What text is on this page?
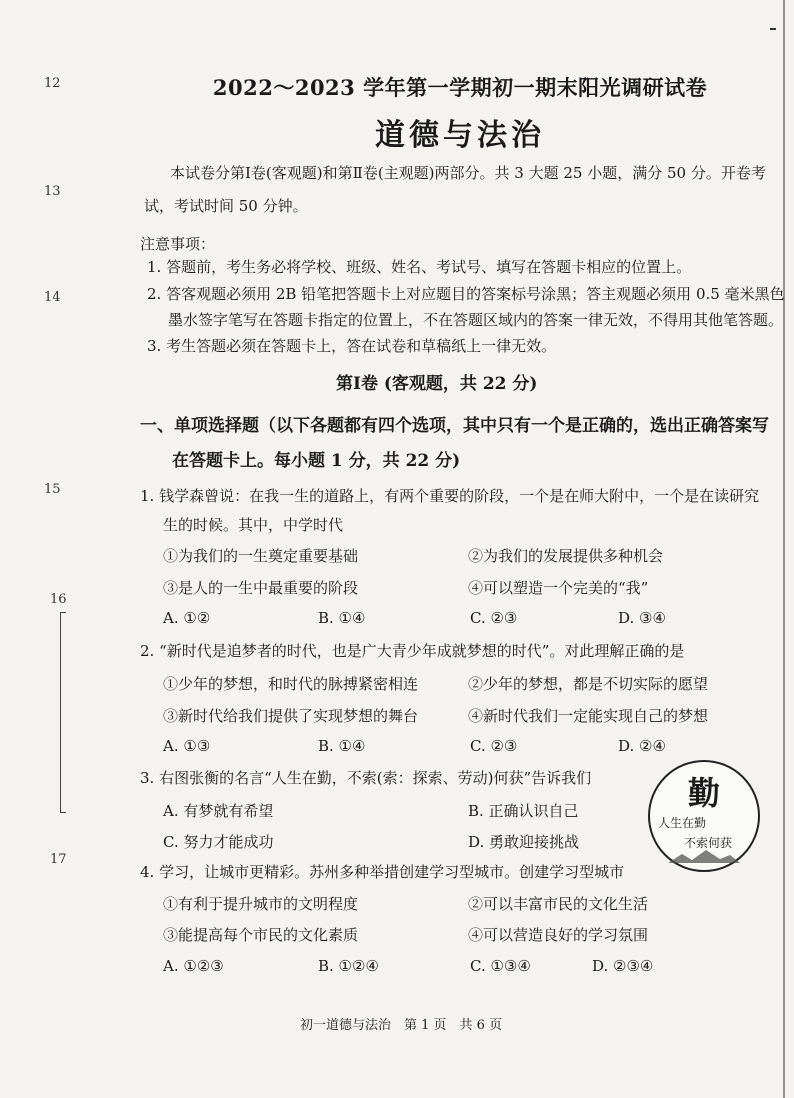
12
13
14
15
16
17
2022～2023 学年第一学期初一期末阳光调研试卷
道德与法治
本试卷分第Ⅰ卷(客观题)和第Ⅱ卷(主观题)两部分。共 3 大题 25 小题，满分 50 分。开卷考
试，考试时间 50 分钟。
注意事项：
1. 答题前，考生务必将学校、班级、姓名、考试号、填写在答题卡相应的位置上。
2. 答客观题必须用 2B 铅笔把答题卡上对应题目的答案标号涂黑；答主观题必须用 0.5 毫米黑色
墨水签字笔写在答题卡指定的位置上，不在答题区域内的答案一律无效，不得用其他笔答题。
3. 考生答题必须在答题卡上，答在试卷和草稿纸上一律无效。
第Ⅰ卷 (客观题，共 22 分)
一、单项选择题（以下各题都有四个选项，其中只有一个是正确的，选出正确答案写
在答题卡上。每小题 1 分，共 22 分)
1. 钱学森曾说：在我一生的道路上，有两个重要的阶段，一个是在师大附中，一个是在读研究
生的时候。其中，中学时代
①为我们的一生奠定重要基础	②为我们的发展提供多种机会
③是人的一生中最重要的阶段	④可以塑造一个完美的“我”
A. ①②	B. ①④	C. ②③	D. ③④
2. “新时代是追梦者的时代，也是广大青少年成就梦想的时代”。对此理解正确的是
①少年的梦想，和时代的脉搏紧密相连	②少年的梦想，都是不切实际的愿望
③新时代给我们提供了实现梦想的舞台	④新时代我们一定能实现自己的梦想
A. ①③	B. ①④	C. ②③	D. ②④
3. 右图张衡的名言“人生在勤，不索(索：探索、劳动)何获”告诉我们
A. 有梦就有希望	B. 正确认识自己
C. 努力才能成功	D. 勇敢迎接挑战
勤
人生在勤
不索何获
4. 学习，让城市更精彩。苏州多种举措创建学习型城市。创建学习型城市
①有利于提升城市的文明程度	②可以丰富市民的文化生活
③能提高每个市民的文化素质	④可以营造良好的学习氛围
A. ①②③	B. ①②④	C. ①③④	D. ②③④
初一道德与法治　第 1 页　共 6 页
